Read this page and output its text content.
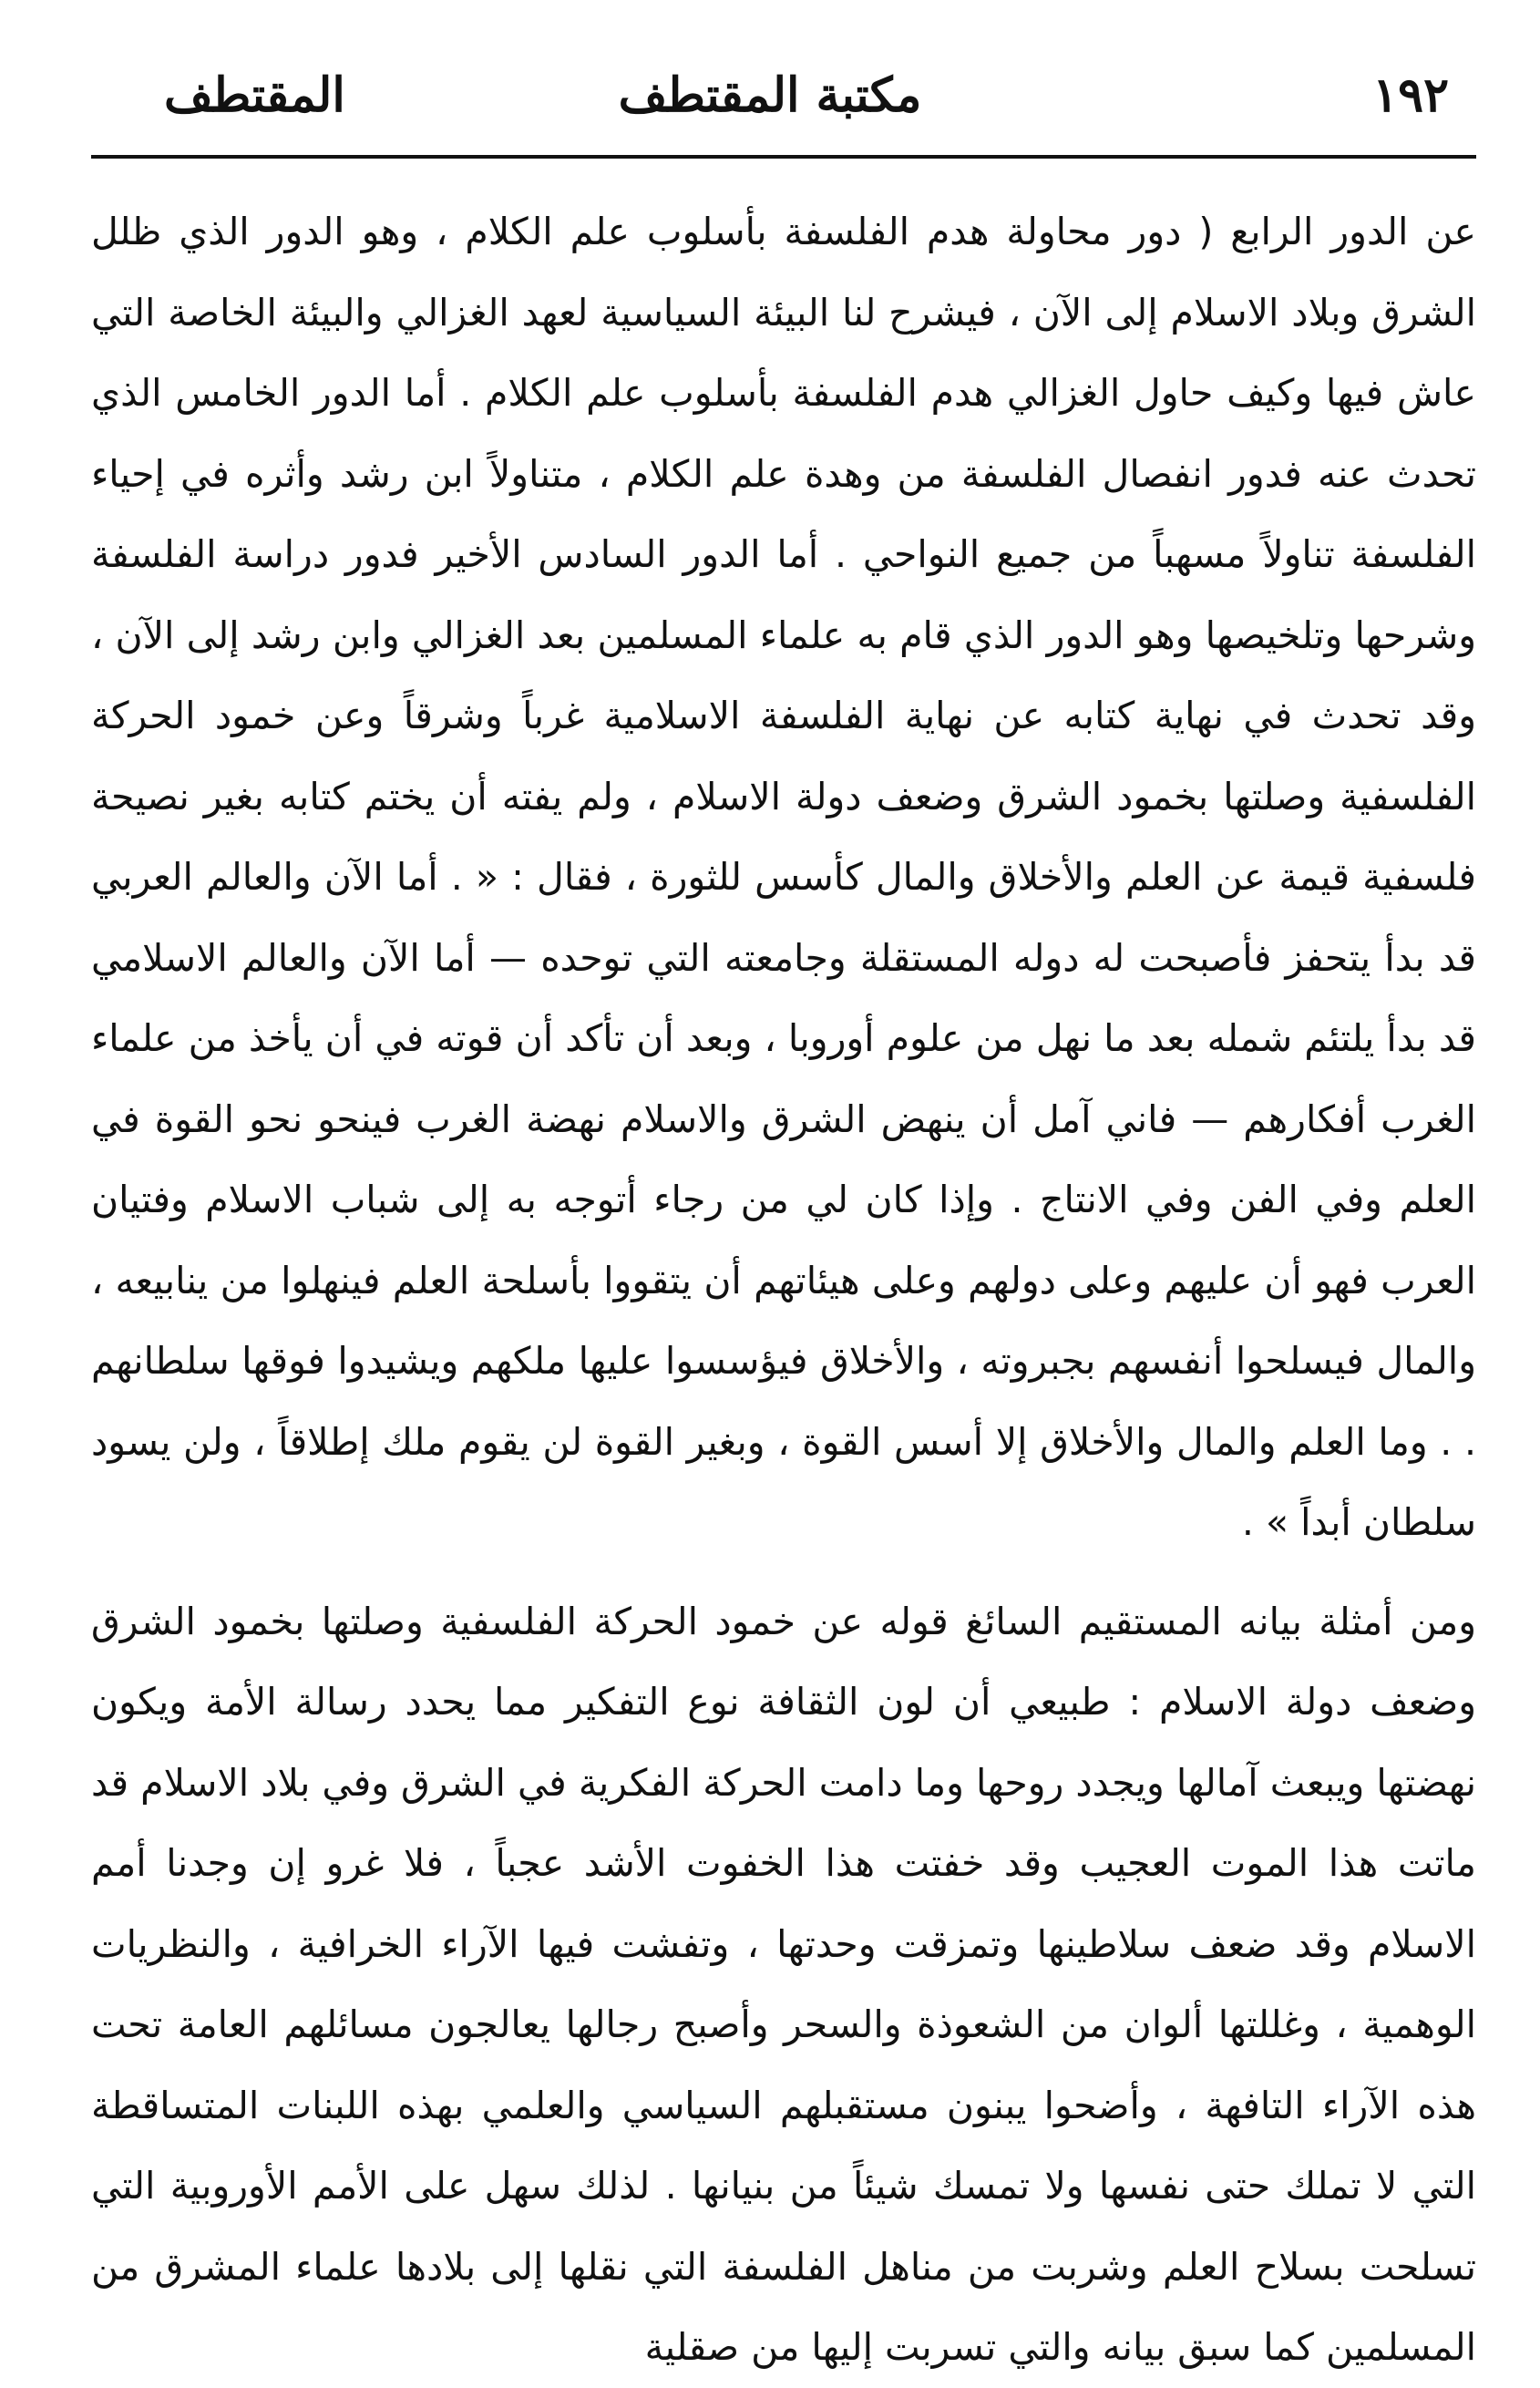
١٩٢
مكتبة المقتطف
المقتطف

عن الدور الرابع ( دور محاولة هدم الفلسفة بأسلوب علم الكلام ، وهو الدور الذي ظلل الشرق وبلاد الاسلام إلى الآن ، فيشرح لنا البيئة السياسية لعهد الغزالي والبيئة الخاصة التي عاش فيها وكيف حاول الغزالي هدم الفلسفة بأسلوب علم الكلام . أما الدور الخامس الذي تحدث عنه فدور انفصال الفلسفة من وهدة علم الكلام ، متناولاً ابن رشد وأثره في إحياء الفلسفة تناولاً مسهباً من جميع النواحي . أما الدور السادس الأخير فدور دراسة الفلسفة وشرحها وتلخيصها وهو الدور الذي قام به علماء المسلمين بعد الغزالي وابن رشد إلى الآن ، وقد تحدث في نهاية كتابه عن نهاية الفلسفة الاسلامية غرباً وشرقاً وعن خمود الحركة الفلسفية وصلتها بخمود الشرق وضعف دولة الاسلام ، ولم يفته أن يختم كتابه بغير نصيحة فلسفية قيمة عن العلم والأخلاق والمال كأسس للثورة ، فقال : « . أما الآن والعالم العربي قد بدأ يتحفز فأصبحت له دوله المستقلة وجامعته التي توحده — أما الآن والعالم الاسلامي قد بدأ يلتئم شمله بعد ما نهل من علوم أوروبا ، وبعد أن تأكد أن قوته في أن يأخذ من علماء الغرب أفكارهم — فاني آمل أن ينهض الشرق والاسلام نهضة الغرب فينحو نحو القوة في العلم وفي الفن وفي الانتاج . وإذا كان لي من رجاء أتوجه به إلى شباب الاسلام وفتيان العرب فهو أن عليهم وعلى دولهم وعلى هيئاتهم أن يتقووا بأسلحة العلم فينهلوا من ينابيعه ، والمال فيسلحوا أنفسهم بجبروته ، والأخلاق فيؤسسوا عليها ملكهم ويشيدوا فوقها سلطانهم . . وما العلم والمال والأخلاق إلا أسس القوة ، وبغير القوة لن يقوم ملك إطلاقاً ، ولن يسود سلطان أبداً » .

ومن أمثلة بيانه المستقيم السائغ قوله عن خمود الحركة الفلسفية وصلتها بخمود الشرق وضعف دولة الاسلام : طبيعي أن لون الثقافة نوع التفكير مما يحدد رسالة الأمة ويكون نهضتها ويبعث آمالها ويجدد روحها وما دامت الحركة الفكرية في الشرق وفي بلاد الاسلام قد ماتت هذا الموت العجيب وقد خفتت هذا الخفوت الأشد عجباً ، فلا غرو إن وجدنا أمم الاسلام وقد ضعف سلاطينها وتمزقت وحدتها ، وتفشت فيها الآراء الخرافية ، والنظريات الوهمية ، وغللتها ألوان من الشعوذة والسحر وأصبح رجالها يعالجون مسائلهم العامة تحت هذه الآراء التافهة ، وأضحوا يبنون مستقبلهم السياسي والعلمي بهذه اللبنات المتساقطة التي لا تملك حتى نفسها ولا تمسك شيئاً من بنيانها . لذلك سهل على الأمم الأوروبية التي تسلحت بسلاح العلم وشربت من مناهل الفلسفة التي نقلها إلى بلادها علماء المشرق من المسلمين كما سبق بيانه والتي تسربت إليها من صقلية
